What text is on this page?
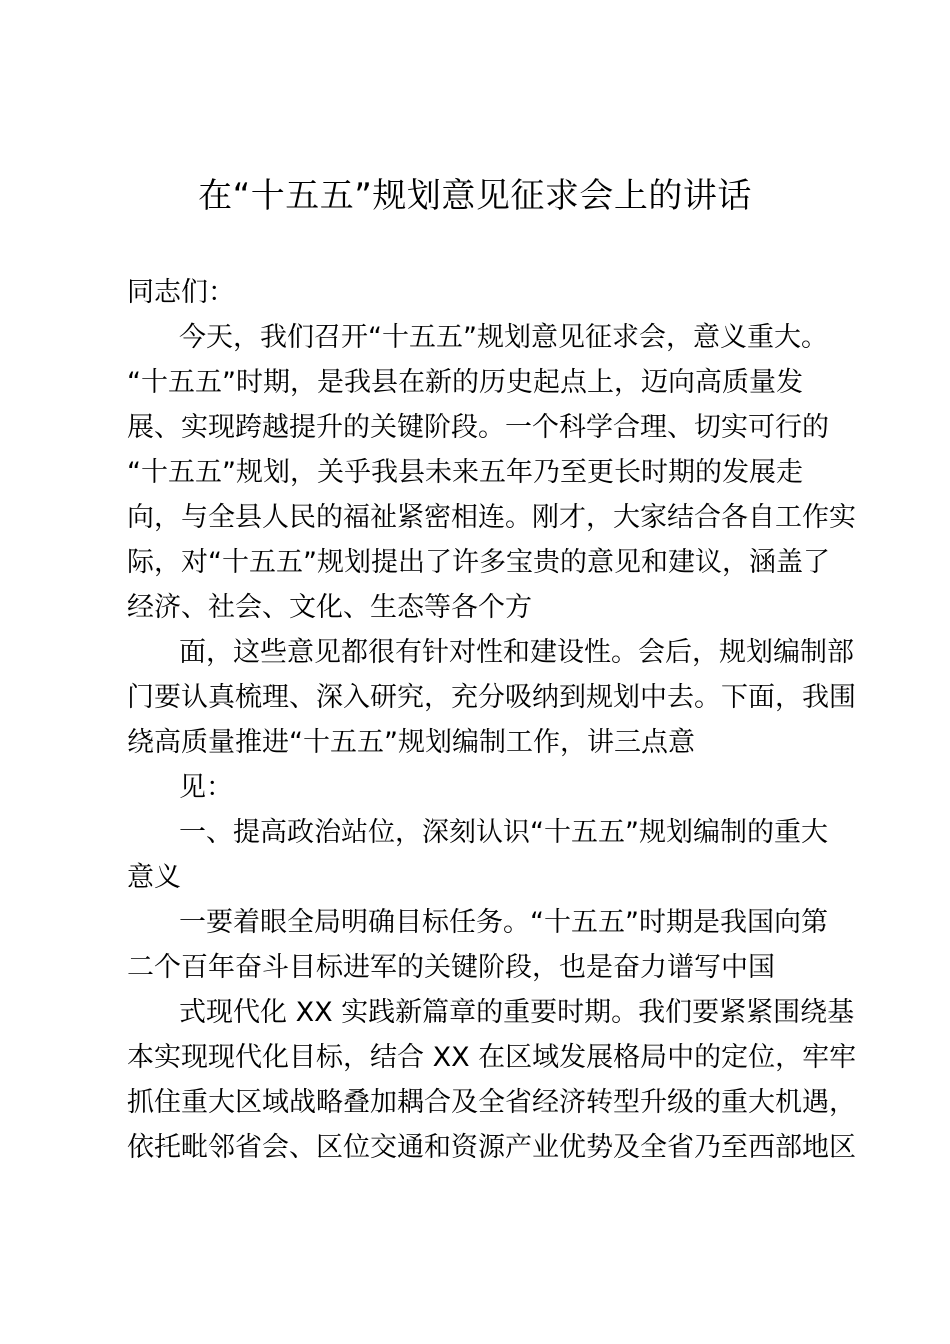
在“十五五”规划意见征求会上的讲话
同志们：
今天，我们召开“十五五”规划意见征求会，意义重大。
“十五五”时期，是我县在新的历史起点上，迈向高质量发
展、实现跨越提升的关键阶段。一个科学合理、切实可行的
“十五五”规划，关乎我县未来五年乃至更长时期的发展走
向，与全县人民的福祉紧密相连。刚才，大家结合各自工作实
际，对“十五五”规划提出了许多宝贵的意见和建议，涵盖了
经济、社会、文化、生态等各个方
面，这些意见都很有针对性和建设性。会后，规划编制部
门要认真梳理、深入研究，充分吸纳到规划中去。下面，我围
绕高质量推进“十五五”规划编制工作，讲三点意
见：
一、提高政治站位，深刻认识“十五五”规划编制的重大
意义
一要着眼全局明确目标任务。“十五五”时期是我国向第
二个百年奋斗目标进军的关键阶段，也是奋力谱写中国
式现代化 XX 实践新篇章的重要时期。我们要紧紧围绕基
本实现现代化目标，结合 XX 在区域发展格局中的定位，牢牢
抓住重大区域战略叠加耦合及全省经济转型升级的重大机遇，
依托毗邻省会、区位交通和资源产业优势及全省乃至西部地区
